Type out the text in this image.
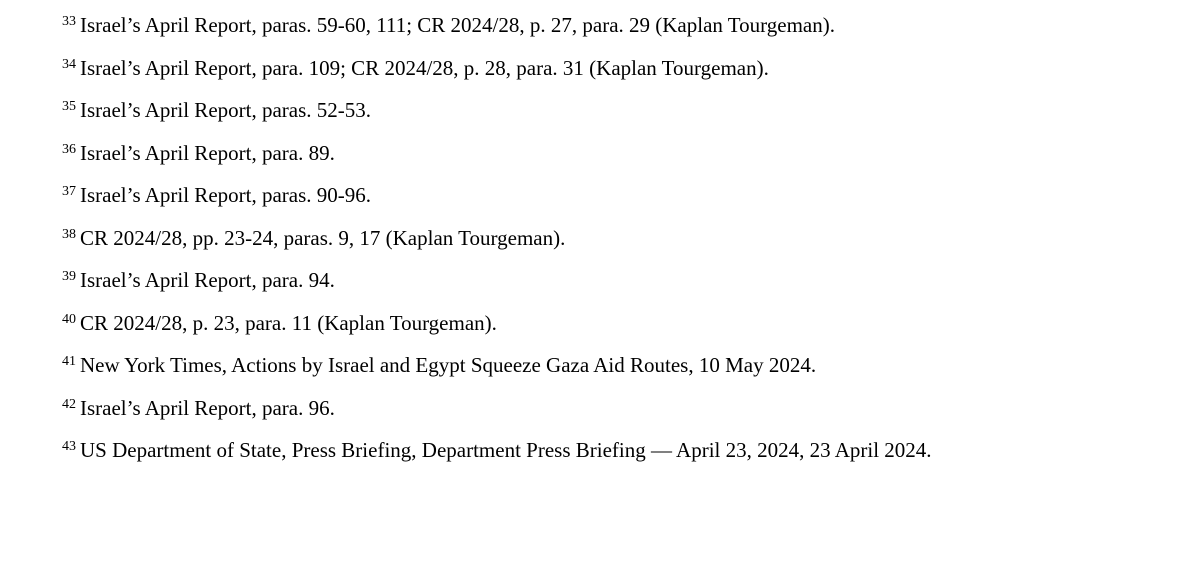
$^{33}$ Israel’s April Report, paras. 59-60, 111; CR 2024/28, p. 27, para. 29 (Kaplan Tourgeman).
$^{34}$ Israel’s April Report, para. 109; CR 2024/28, p. 28, para. 31 (Kaplan Tourgeman).
$^{35}$ Israel’s April Report, paras. 52-53.
$^{36}$ Israel’s April Report, para. 89.
$^{37}$ Israel’s April Report, paras. 90-96.
$^{38}$ CR 2024/28, pp. 23-24, paras. 9, 17 (Kaplan Tourgeman).
$^{39}$ Israel’s April Report, para. 94.
$^{40}$ CR 2024/28, p. 23, para. 11 (Kaplan Tourgeman).
$^{41}$ New York Times, Actions by Israel and Egypt Squeeze Gaza Aid Routes, 10 May 2024.
$^{42}$ Israel’s April Report, para. 96.
$^{43}$ US Department of State, Press Briefing, Department Press Briefing — April 23, 2024, 23 April 2024.
